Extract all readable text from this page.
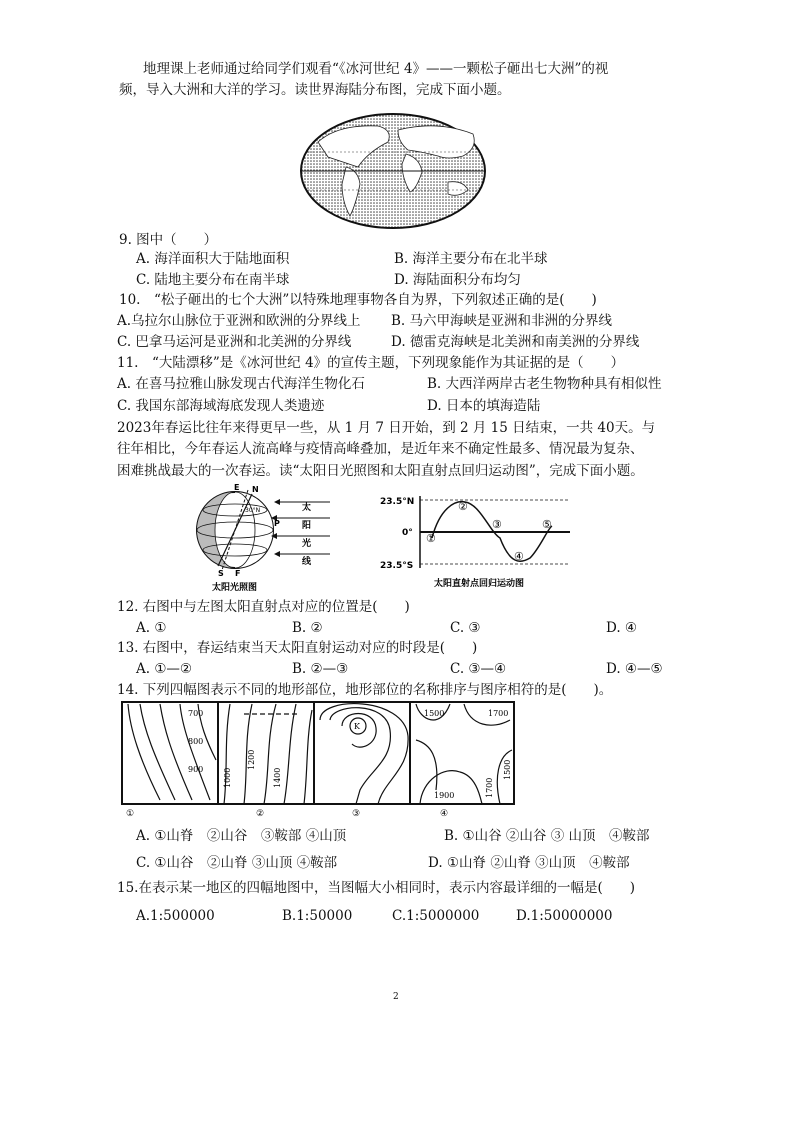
地理课上老师通过给同学们观看“《冰河世纪 4》——一颗松子砸出七大洲”的视
频，导入大洲和大洋的学习。读世界海陆分布图，完成下面小题。
9. 图中（　　）
A. 海洋面积大于陆地面积	B. 海洋主要分布在北半球
C. 陆地主要分布在南半球	D. 海陆面积分布均匀
10.　“松子砸出的七个大洲”以特殊地理事物各自为界，下列叙述正确的是(　　)
A.乌拉尔山脉位于亚洲和欧洲的分界线上 B. 马六甲海峡是亚洲和非洲的分界线
C. 巴拿马运河是亚洲和北美洲的分界线	D. 德雷克海峡是北美洲和南美洲的分界线
11.　“大陆漂移”是《冰河世纪 4》的宣传主题，下列现象能作为其证据的是（　　）
A. 在喜马拉雅山脉发现古代海洋生物化石	B. 大西洋两岸古老生物物种具有相似性
C. 我国东部海域海底发现人类遗迹	D. 日本的填海造陆
2023年春运比往年来得更早一些，从 1 月 7 日开始，到 2 月 15 日结束，一共 40天。与
往年相比，今年春运人流高峰与疫情高峰叠加，是近年来不确定性最多、情况最为复杂、
困难挑战最大的一次春运。读“太阳日光照图和太阳直射点回归运动图”，完成下面小题。
太
阳
光
线
E N
30°N
P
S F
太阳光照图
23.5°N
0°
23.5°S
①
②
③
④
⑤
太阳直射点回归运动图
12. 右图中与左图太阳直射点对应的位置是(　　)
A. ①	B. ②	C. ③	D. ④
13. 右图中，春运结束当天太阳直射运动对应的时段是(　　)
A. ①—②	B. ②—③	C. ③—④	D. ④—⑤
14. 下列四幅图表示不同的地形部位，地形部位的名称排序与图序相符的是(　　)。
700
800
900 1000
1200
1400
K
1500	1700
1900	1700
1500
①	②	③	④
A. ①山脊　②山谷　③鞍部 ④山顶	B. ①山谷 ②山谷 ③ 山顶　④鞍部
C. ①山谷　②山脊 ③山顶 ④鞍部	D. ①山脊 ②山脊 ③山顶　④鞍部
15.在表示某一地区的四幅地图中，当图幅大小相同时，表示内容最详细的一幅是(　　)
A.1:500000	B.1:50000	C.1:5000000	D.1:50000000
2
